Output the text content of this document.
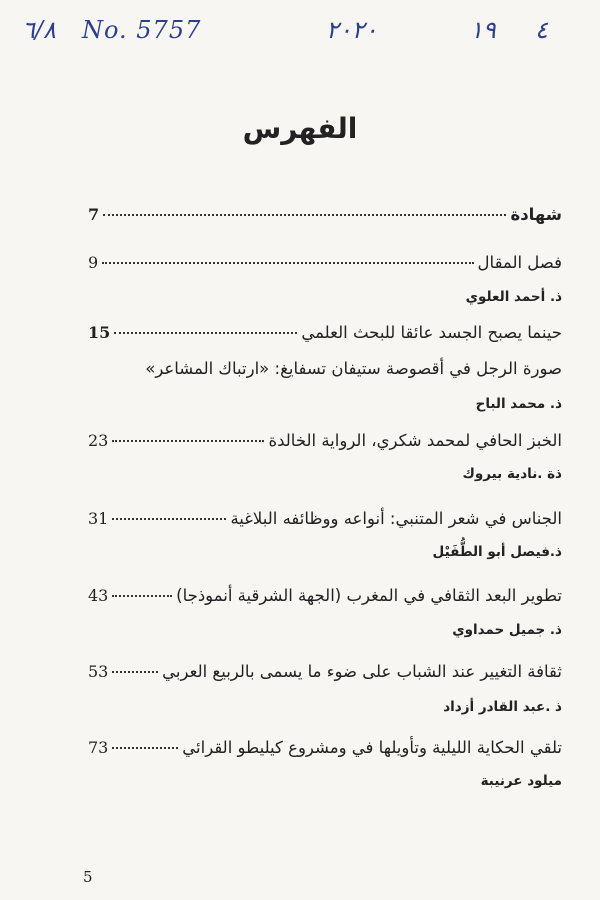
٦/٨ No. 5757	٢٠٢٠	١٩ ٤
الفهرس
شهادة
7
فصل المقال
9
ذ. أحمد العلوي
حينما يصبح الجسد عائقا للبحث العلمي
15
صورة الرجل في أقصوصة ستيفان تسفايغ: «ارتباك المشاعر»
ذ. محمد الباح
الخبز الحافي لمحمد شكري، الرواية الخالدة
23
ذة .نادية بيروك
الجناس في شعر المتنبي: أنواعه ووظائفه البلاغية
31
ذ.فيصل أبو الطُّفَيْل
تطوير البعد الثقافي في المغرب (الجهة الشرقية أنموذجا)
43
ذ. جميل حمداوي
ثقافة التغيير عند الشباب على ضوء ما يسمى بالربيع العربي
53
ذ .عبد القادر أزداد
تلقي الحكاية الليلية وتأويلها في ومشروع كيليطو القرائي
73
ميلود عرنيبة
5
